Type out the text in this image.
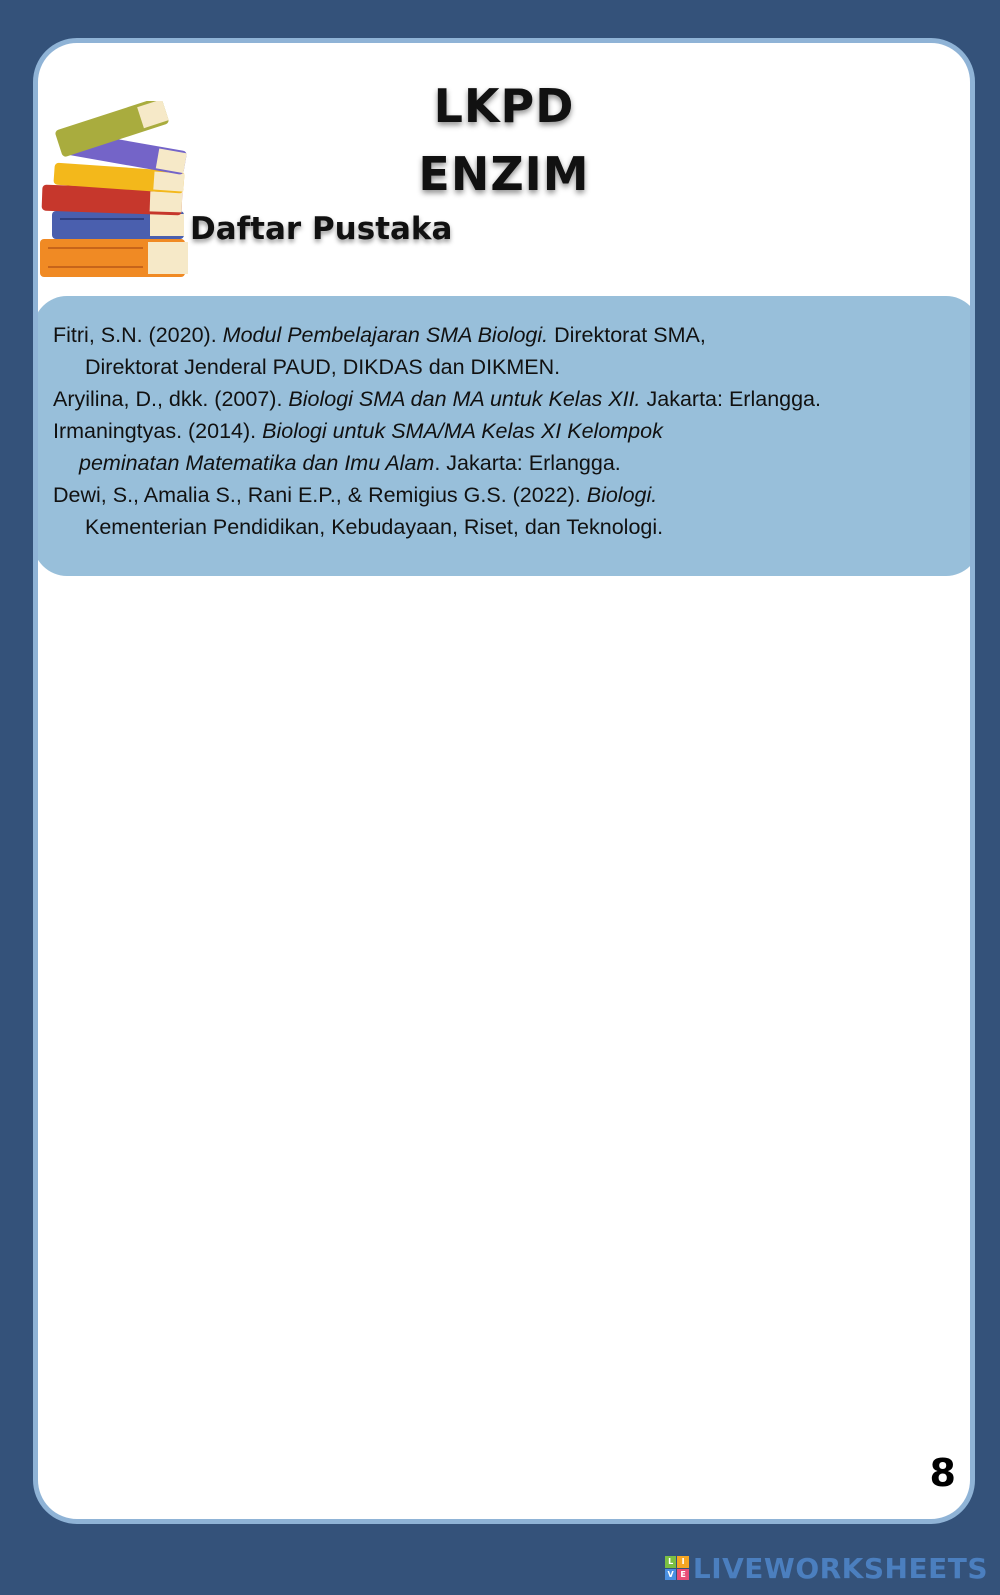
LKPD
ENZIM
Daftar Pustaka

Fitri, S.N. (2020). Modul Pembelajaran SMA Biologi. Direktorat SMA,
Direktorat Jenderal PAUD, DIKDAS dan DIKMEN.

Aryilina, D., dkk. (2007). Biologi SMA dan MA untuk Kelas XII. Jakarta: Erlangga.

Irmaningtyas. (2014). Biologi untuk SMA/MA Kelas XI Kelompok
peminatan Matematika dan Imu Alam. Jakarta: Erlangga.

Dewi, S., Amalia S., Rani E.P., & Remigius G.S. (2022). Biologi.
Kementerian Pendidikan, Kebudayaan, Riset, dan Teknologi.

8
L	I
V E LIVEWORKSHEETS
